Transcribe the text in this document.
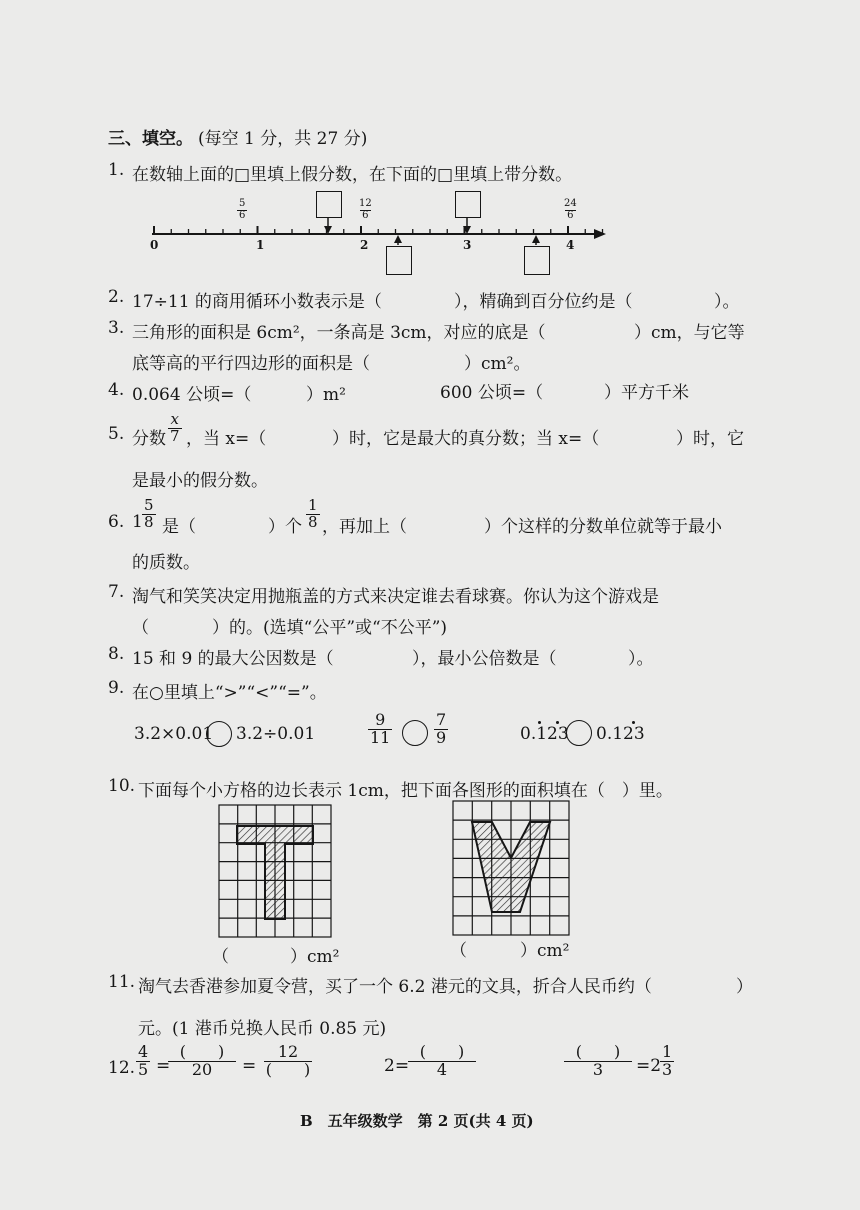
三、填空。 (每空 1 分，共 27 分)
1. 在数轴上面的□里填上假分数，在下面的□里填上带分数。
0	1	2	3	4
$\frac{5}{6}$	$\frac{12}{6}$	$\frac{24}{6}$
2. 17÷11 的商用循环小数表示是（	），精确到百分位约是（	）。
3. 三角形的面积是 6cm²，一条高是 3cm，对应的底是（	）cm，与它等
底等高的平行四边形的面积是（	）cm²。
4. 0.064 公顷=（	）m²	600 公顷=（	）平方千米
5. 分数 $\frac{x}{7}$ ，当 x=（	）时，它是最大的真分数；当 x=（	）时，它
是最小的假分数。
6. $1 \frac{5}{8}$ 是（	）个 $\frac{1}{8}$ ，再加上（	）个这样的分数单位就等于最小
的质数。
7. 淘气和笑笑决定用抛瓶盖的方式来决定谁去看球赛。你认为这个游戏是
（	）的。(选填“公平”或“不公平”)
8. 15 和 9 的最大公因数是（	），最小公倍数是（	）。
9. 在○里填上“>”“<”“=”。
3.2×0.01 3.2÷0.01	$\frac{9}{11}$	$\frac{7}{9}$	0.123 0.123
10. 下面每个小方格的边长表示 1cm，把下面各图形的面积填在（　）里。
（	）cm²	（	）cm²
11. 淘气去香港参加夏令营，买了一个 6.2 港元的文具，折合人民币约（	）
元。(1 港币兑换人民币 0.85 元)
12. $\frac{4}{5}$ =
(　　)
20	=
12
(　　)	2=
(　　)
4
(　　)
3	=2
$\frac{1}{3}$
B　五年级数学　第 2 页(共 4 页)
